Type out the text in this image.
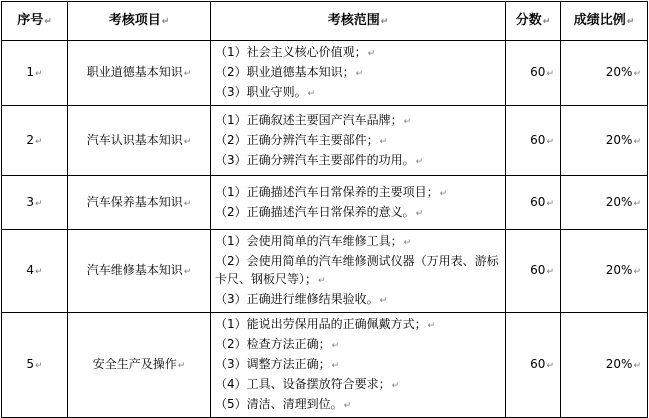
序号↵	考核项目↵	考核范围↵	分数↵	成绩比例↵
1↵	职业道德基本知识↵	（1）社会主义核心价值观；↵
（2）职业道德基本知识；↵
（3）职业守则。↵	60↵	20%↵
2↵	汽车认识基本知识↵	（1）正确叙述主要国产汽车品牌；↵
（2）正确分辨汽车主要部件；↵
（3）正确分辨汽车主要部件的功用。↵	60↵	20%↵
3↵	汽车保养基本知识↵	（1）正确描述汽车日常保养的主要项目；↵
（2）正确描述汽车日常保养的意义。↵	60↵	20%↵
4↵	汽车维修基本知识↵	（1）会使用简单的汽车维修工具；↵
（2）会使用简单的汽车维修测试仪器（万用表、游标卡尺、钢板尺等）；↵
（3）正确进行维修结果验收。↵	60↵	20%↵
5↵	安全生产及操作↵	（1）能说出劳保用品的正确佩戴方式；↵
（2）检查方法正确；↵
（3）调整方法正确；↵
（4）工具、设备摆放符合要求；↵
（5）清洁、清理到位。↵	60↵	20%↵
